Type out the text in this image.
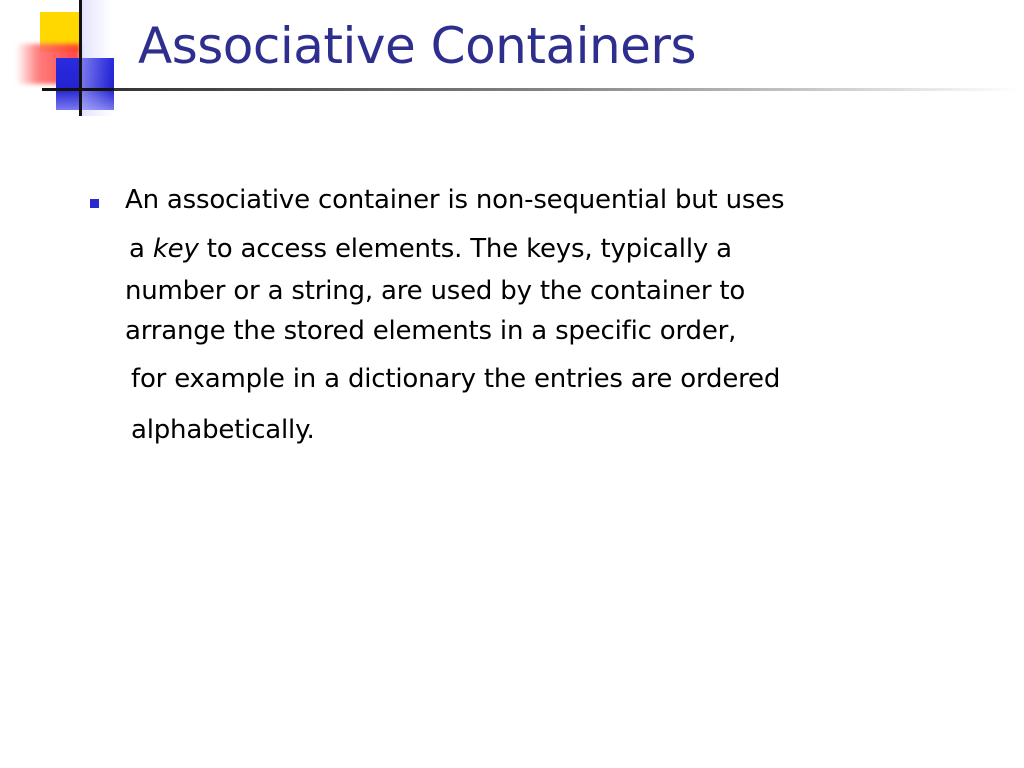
Associative Containers

An associative container is non-sequential but uses

a key to access elements. The keys, typically a

number or a string, are used by the container to

arrange the stored elements in a specific order,

for example in a dictionary the entries are ordered

alphabetically.
